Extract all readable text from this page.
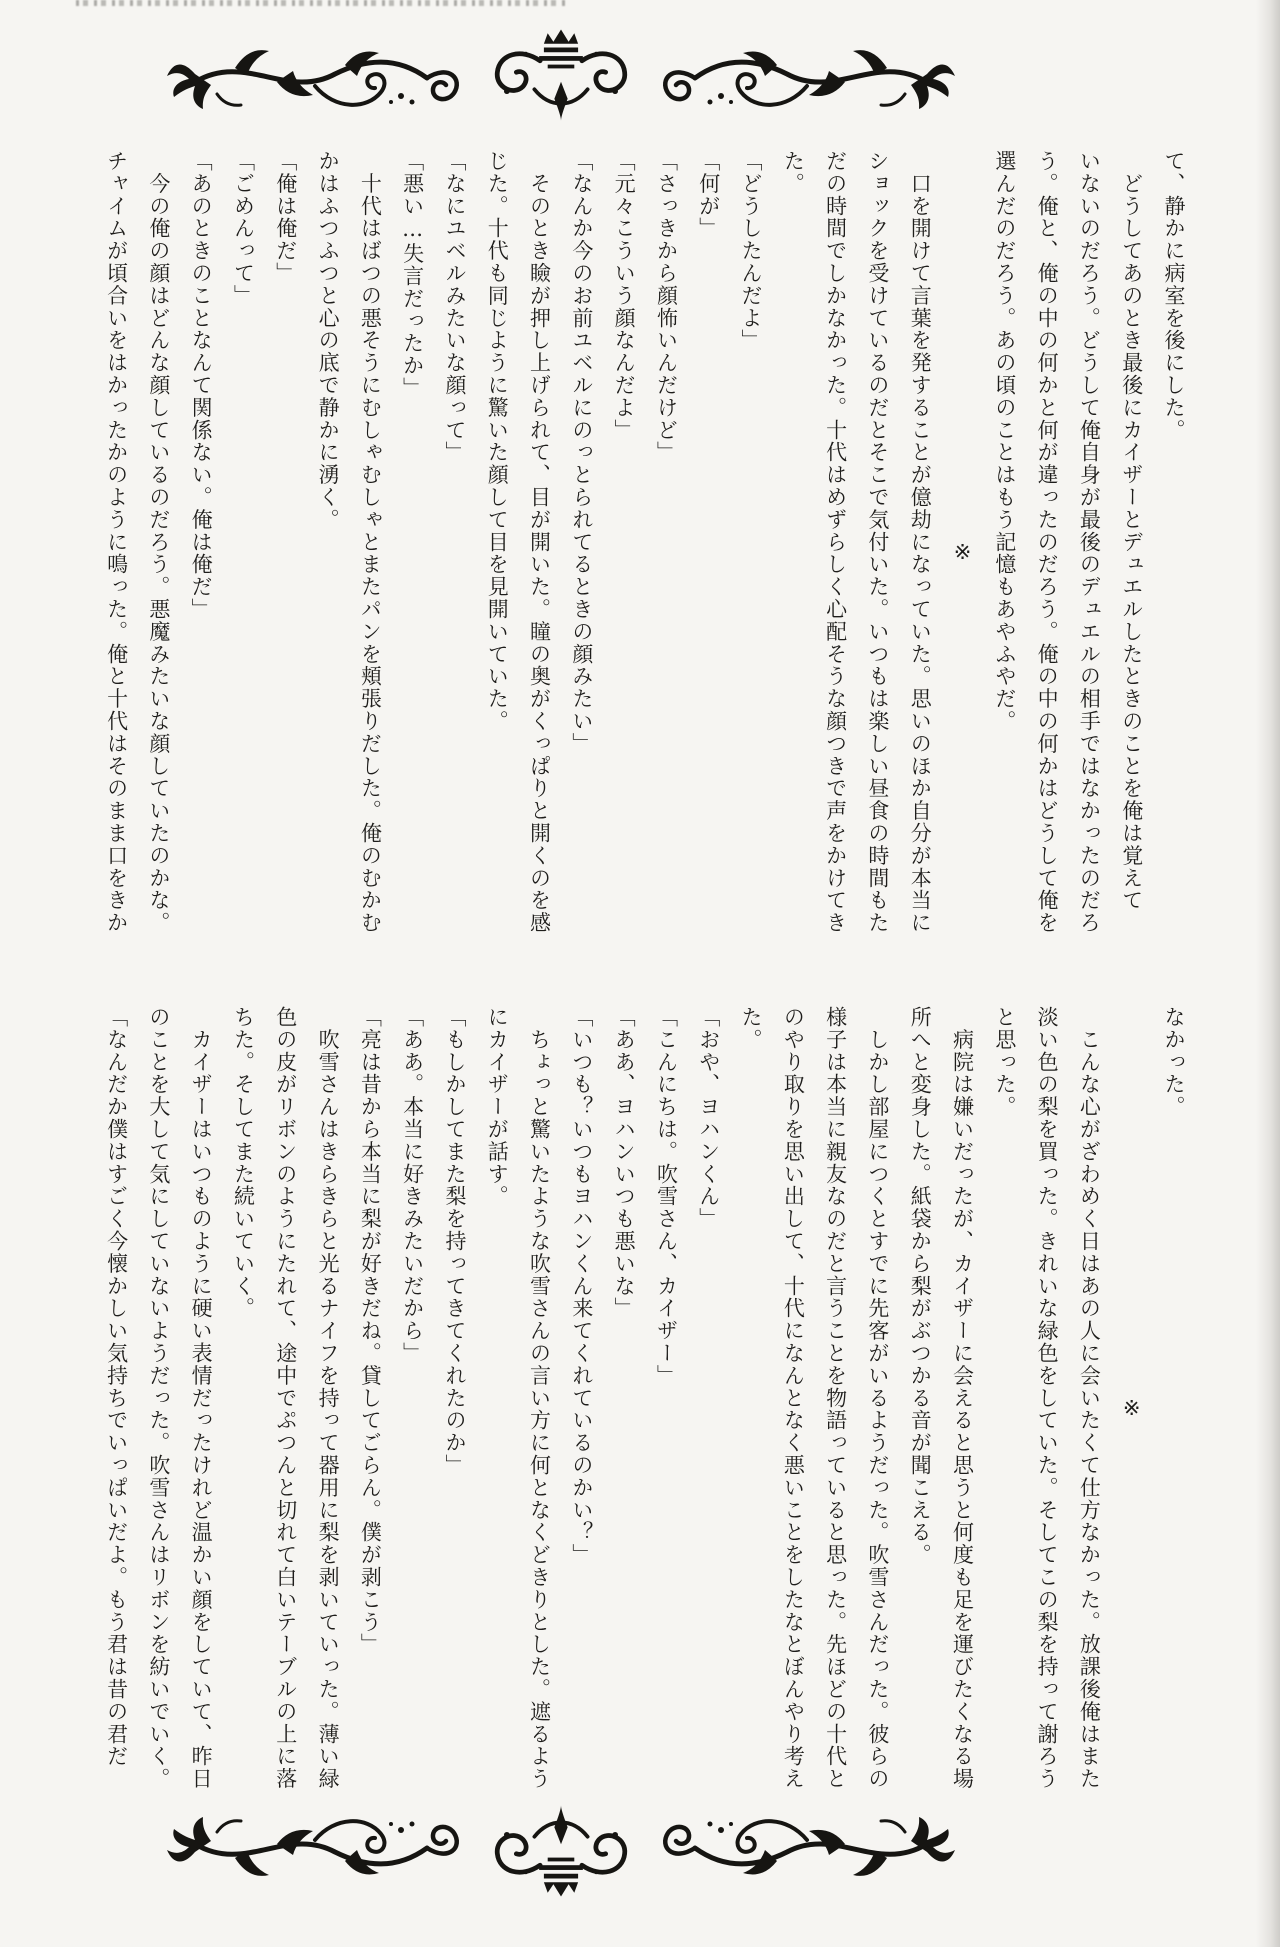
て、静かに病室を後にした。

　どうしてあのとき最後にカイザーとデュエルしたときのことを俺は覚えて

いないのだろう。どうして俺自身が最後のデュエルの相手ではなかったのだろ

う。俺と、俺の中の何かと何が違ったのだろう。俺の中の何かはどうして俺を

選んだのだろう。あの頃のことはもう記憶もあやふやだ。

※

　口を開けて言葉を発することが億劫になっていた。思いのほか自分が本当に

ショックを受けているのだとそこで気付いた。いつもは楽しい昼食の時間もた

だの時間でしかなかった。十代はめずらしく心配そうな顔つきで声をかけてき

た。

「どうしたんだよ」

「何が」

「さっきから顔怖いんだけど」

「元々こういう顔なんだよ」

「なんか今のお前ユベルにのっとられてるときの顔みたい」

　そのとき瞼が押し上げられて、目が開いた。瞳の奥がくっぱりと開くのを感

じた。十代も同じように驚いた顔して目を見開いていた。

「なにユベルみたいな顔って」

「悪い…失言だったか」

　十代はばつの悪そうにむしゃむしゃとまたパンを頬張りだした。俺のむかむ

かはふつふつと心の底で静かに湧く。

「俺は俺だ」

「ごめんって」

「あのときのことなんて関係ない。俺は俺だ」

　今の俺の顔はどんな顔しているのだろう。悪魔みたいな顔していたのかな。

チャイムが頃合いをはかったかのように鳴った。俺と十代はそのまま口をきか

なかった。

※

　こんな心がざわめく日はあの人に会いたくて仕方なかった。放課後俺はまた

淡い色の梨を買った。きれいな緑色をしていた。そしてこの梨を持って謝ろう

と思った。

　病院は嫌いだったが、カイザーに会えると思うと何度も足を運びたくなる場

所へと変身した。紙袋から梨がぶつかる音が聞こえる。

　しかし部屋につくとすでに先客がいるようだった。吹雪さんだった。彼らの

様子は本当に親友なのだと言うことを物語っていると思った。先ほどの十代と

のやり取りを思い出して、十代になんとなく悪いことをしたなとぼんやり考え

た。

「おや、ヨハンくん」

「こんにちは。吹雪さん、カイザー」

「ああ、ヨハンいつも悪いな」

「いつも？いつもヨハンくん来てくれているのかい？」

　ちょっと驚いたような吹雪さんの言い方に何となくどきりとした。遮るよう

にカイザーが話す。

「もしかしてまた梨を持ってきてくれたのか」

「ああ。本当に好きみたいだから」

「亮は昔から本当に梨が好きだね。貸してごらん。僕が剥こう」

　吹雪さんはきらきらと光るナイフを持って器用に梨を剥いていった。薄い緑

色の皮がリボンのようにたれて、途中でぷつんと切れて白いテーブルの上に落

ちた。そしてまた続いていく。

　カイザーはいつものように硬い表情だったけれど温かい顔をしていて、昨日

のことを大して気にしていないようだった。吹雪さんはリボンを紡いでいく。

「なんだか僕はすごく今懐かしい気持ちでいっぱいだよ。もう君は昔の君だ
